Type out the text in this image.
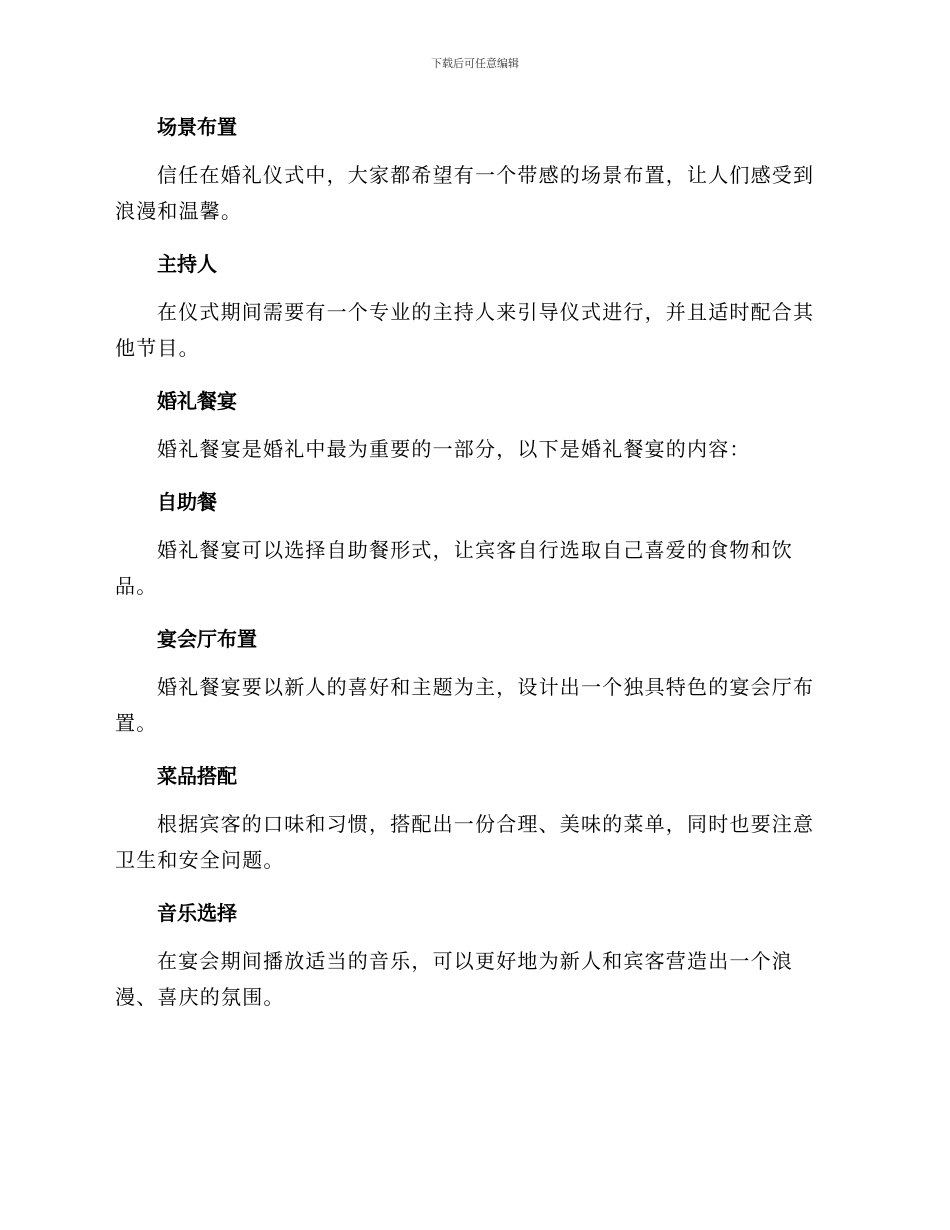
下载后可任意编辑
场景布置

信任在婚礼仪式中，大家都希望有一个带感的场景布置，让人们感受到浪漫和温馨。

主持人

在仪式期间需要有一个专业的主持人来引导仪式进行，并且适时配合其他节目。

婚礼餐宴

婚礼餐宴是婚礼中最为重要的一部分，以下是婚礼餐宴的内容：

自助餐

婚礼餐宴可以选择自助餐形式，让宾客自行选取自己喜爱的食物和饮品。

宴会厅布置

婚礼餐宴要以新人的喜好和主题为主，设计出一个独具特色的宴会厅布置。

菜品搭配

根据宾客的口味和习惯，搭配出一份合理、美味的菜单，同时也要注意卫生和安全问题。

音乐选择

在宴会期间播放适当的音乐，可以更好地为新人和宾客营造出一个浪漫、喜庆的氛围。
